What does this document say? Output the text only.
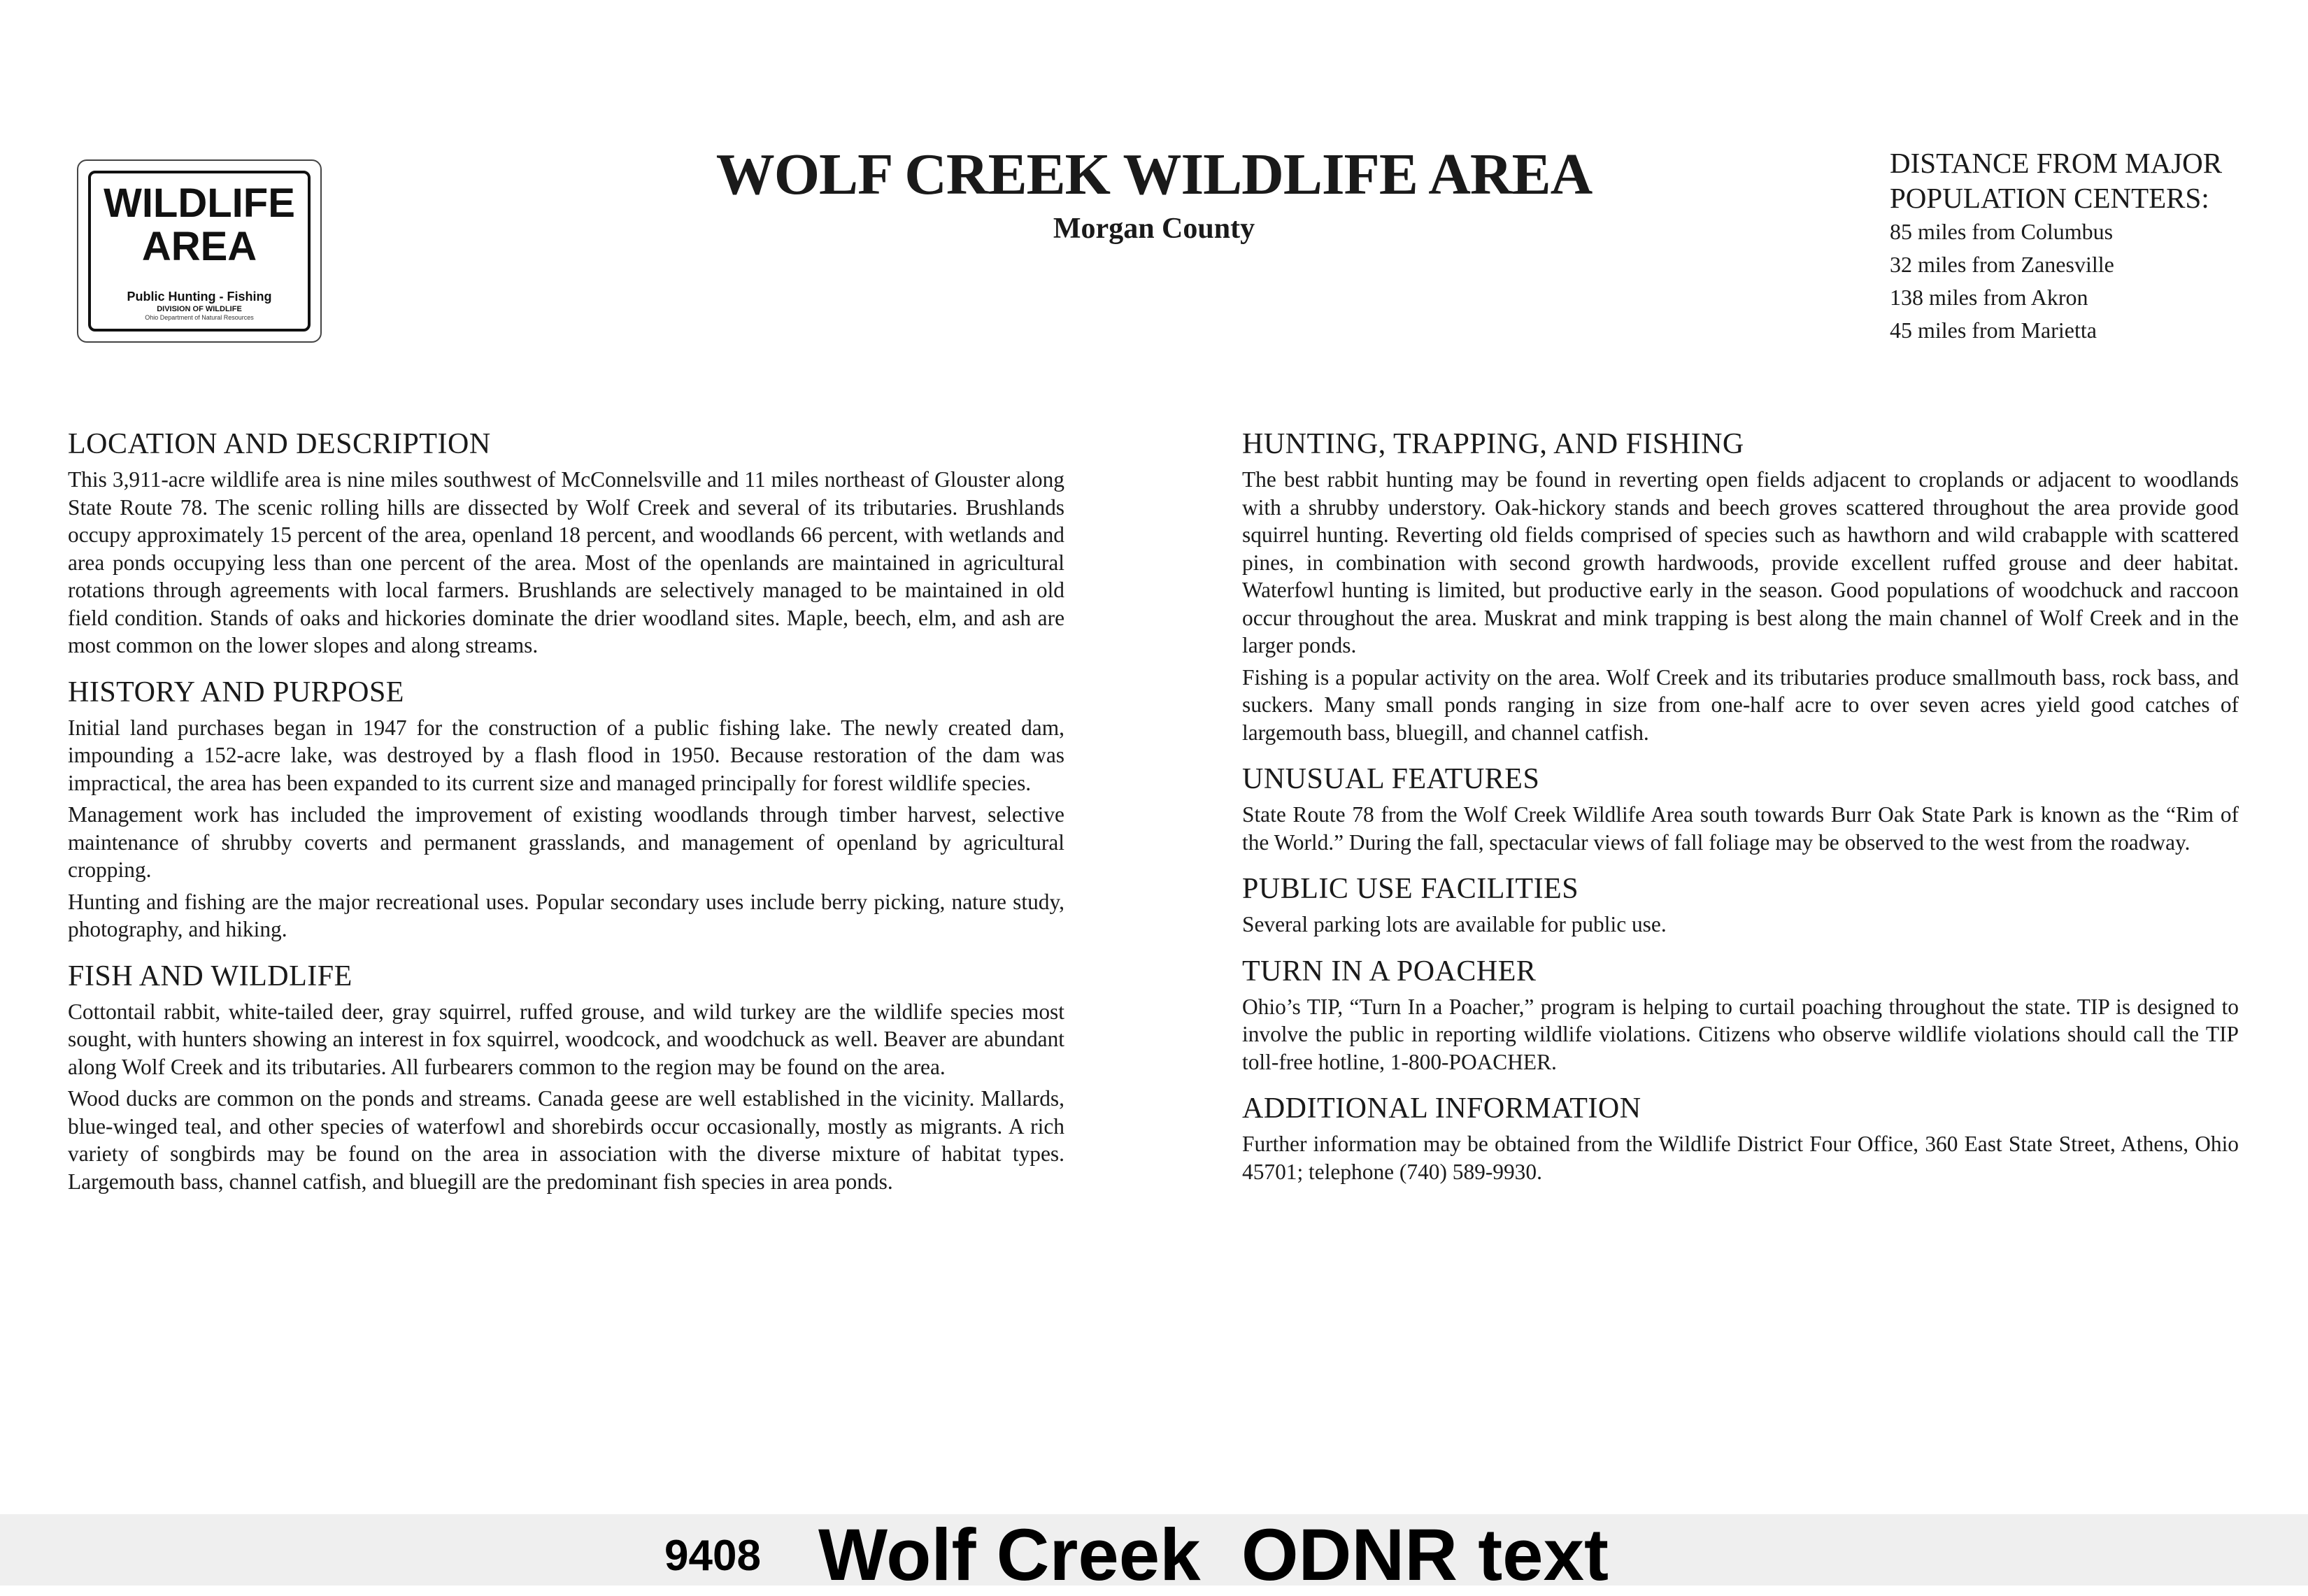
WILDLIFE
AREA
Public Hunting - Fishing
DIVISION OF WILDLIFE
Ohio Department of Natural Resources
WOLF CREEK WILDLIFE AREA
Morgan County
DISTANCE FROM MAJOR
POPULATION CENTERS:
85 miles from Columbus
32 miles from Zanesville
138 miles from Akron
45 miles from Marietta
LOCATION AND DESCRIPTION

This 3,911-acre wildlife area is nine miles southwest of McConnelsville and 11 miles northeast of Glouster along State Route 78. The scenic rolling hills are dissected by Wolf Creek and several of its tributaries. Brushlands occupy approximately 15 percent of the area, openland 18 percent, and woodlands 66 percent, with wetlands and area ponds occupying less than one percent of the area. Most of the openlands are maintained in agricultural rotations through agreements with local farmers. Brushlands are selectively managed to be maintained in old field condition. Stands of oaks and hickories dominate the drier woodland sites. Maple, beech, elm, and ash are most common on the lower slopes and along streams.

HISTORY AND PURPOSE

Initial land purchases began in 1947 for the construction of a public fishing lake. The newly created dam, impounding a 152-acre lake, was destroyed by a flash flood in 1950. Because restoration of the dam was impractical, the area has been expanded to its current size and managed principally for forest wildlife species.

Management work has included the improvement of existing woodlands through timber harvest, selective maintenance of shrubby coverts and permanent grasslands, and management of openland by agricultural cropping.

Hunting and fishing are the major recreational uses. Popular secondary uses include berry picking, nature study, photography, and hiking.

FISH AND WILDLIFE

Cottontail rabbit, white-tailed deer, gray squirrel, ruffed grouse, and wild turkey are the wildlife species most sought, with hunters showing an interest in fox squirrel, woodcock, and woodchuck as well. Beaver are abundant along Wolf Creek and its tributaries. All furbearers common to the region may be found on the area.

Wood ducks are common on the ponds and streams. Canada geese are well established in the vicinity. Mallards, blue-winged teal, and other species of waterfowl and shorebirds occur occasionally, mostly as migrants. A rich variety of songbirds may be found on the area in association with the diverse mixture of habitat types. Largemouth bass, channel catfish, and bluegill are the predominant fish species in area ponds.

HUNTING, TRAPPING, AND FISHING

The best rabbit hunting may be found in reverting open fields adjacent to croplands or adjacent to woodlands with a shrubby understory. Oak-hickory stands and beech groves scattered throughout the area provide good squirrel hunting. Reverting old fields comprised of species such as hawthorn and wild crabapple with scattered pines, in combination with second growth hardwoods, provide excellent ruffed grouse and deer habitat. Waterfowl hunting is limited, but productive early in the season. Good populations of woodchuck and raccoon occur throughout the area. Muskrat and mink trapping is best along the main channel of Wolf Creek and in the larger ponds.

Fishing is a popular activity on the area. Wolf Creek and its tributaries produce smallmouth bass, rock bass, and suckers. Many small ponds ranging in size from one-half acre to over seven acres yield good catches of largemouth bass, bluegill, and channel catfish.

UNUSUAL FEATURES

State Route 78 from the Wolf Creek Wildlife Area south towards Burr Oak State Park is known as the “Rim of the World.” During the fall, spectacular views of fall foliage may be observed to the west from the roadway.

PUBLIC USE FACILITIES

Several parking lots are available for public use.

TURN IN A POACHER

Ohio’s TIP, “Turn In a Poacher,” program is helping to curtail poaching throughout the state. TIP is designed to involve the public in reporting wildlife violations. Citizens who observe wildlife violations should call the TIP toll-free hotline, 1-800-POACHER.

ADDITIONAL INFORMATION

Further information may be obtained from the Wildlife District Four Office, 360 East State Street, Athens, Ohio 45701; telephone (740) 589-9930.

9408 Wolf Creek  ODNR text
